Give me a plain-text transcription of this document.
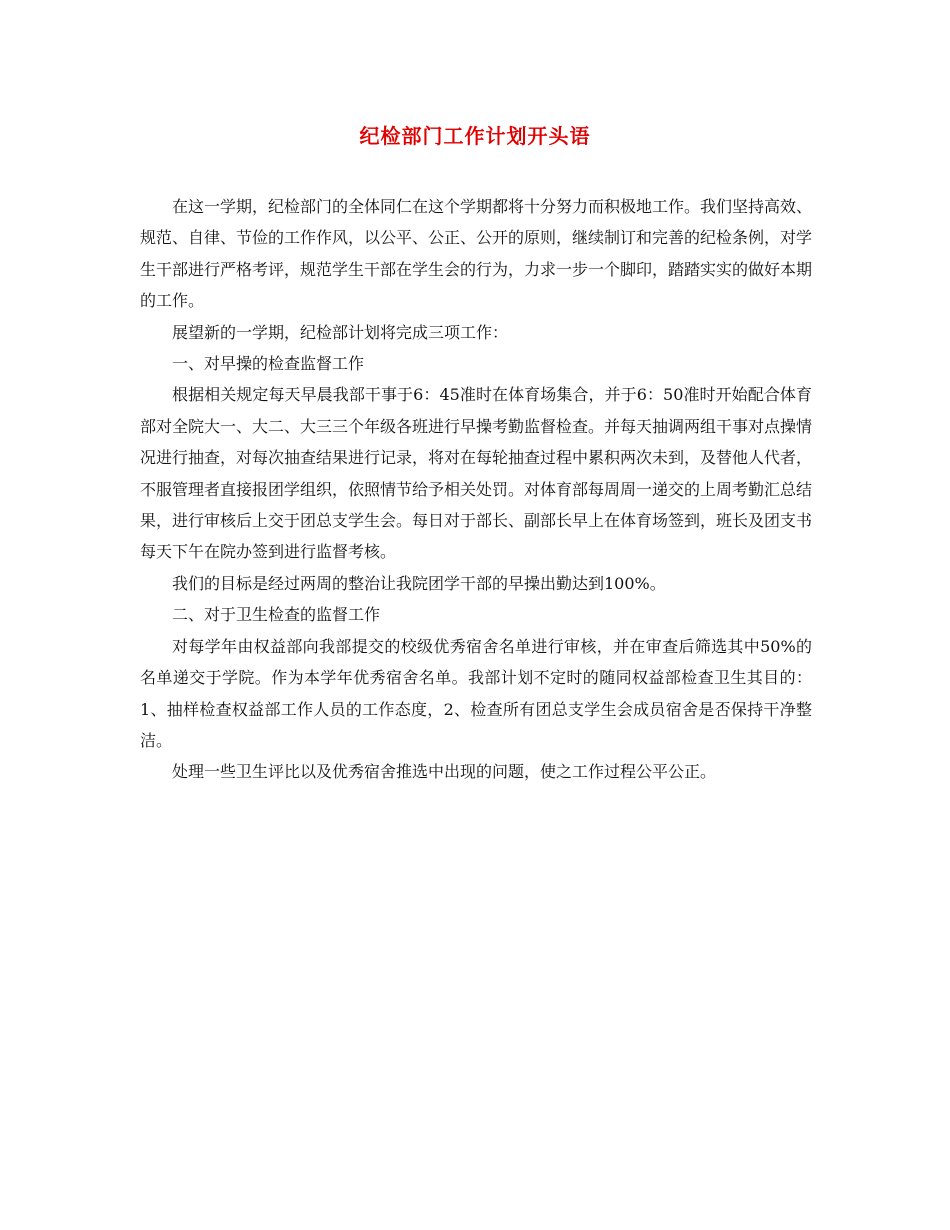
纪检部门工作计划开头语

在这一学期，纪检部门的全体同仁在这个学期都将十分努力而积极地工作。我们坚持高效、规范、自律、节俭的工作作风，以公平、公正、公开的原则，继续制订和完善的纪检条例，对学生干部进行严格考评，规范学生干部在学生会的行为，力求一步一个脚印，踏踏实实的做好本期的工作。

展望新的一学期，纪检部计划将完成三项工作：

一、对早操的检查监督工作

根据相关规定每天早晨我部干事于6：45准时在体育场集合，并于6：50准时开始配合体育部对全院大一、大二、大三三个年级各班进行早操考勤监督检查。并每天抽调两组干事对点操情况进行抽查，对每次抽查结果进行记录，将对在每轮抽查过程中累积两次未到，及替他人代者，不服管理者直接报团学组织，依照情节给予相关处罚。对体育部每周周一递交的上周考勤汇总结果，进行审核后上交于团总支学生会。每日对于部长、副部长早上在体育场签到，班长及团支书每天下午在院办签到进行监督考核。

我们的目标是经过两周的整治让我院团学干部的早操出勤达到100%。

二、对于卫生检查的监督工作

对每学年由权益部向我部提交的校级优秀宿舍名单进行审核，并在审查后筛选其中50%的名单递交于学院。作为本学年优秀宿舍名单。我部计划不定时的随同权益部检查卫生其目的：1、抽样检查权益部工作人员的工作态度，2、检查所有团总支学生会成员宿舍是否保持干净整洁。

处理一些卫生评比以及优秀宿舍推选中出现的问题，使之工作过程公平公正。
